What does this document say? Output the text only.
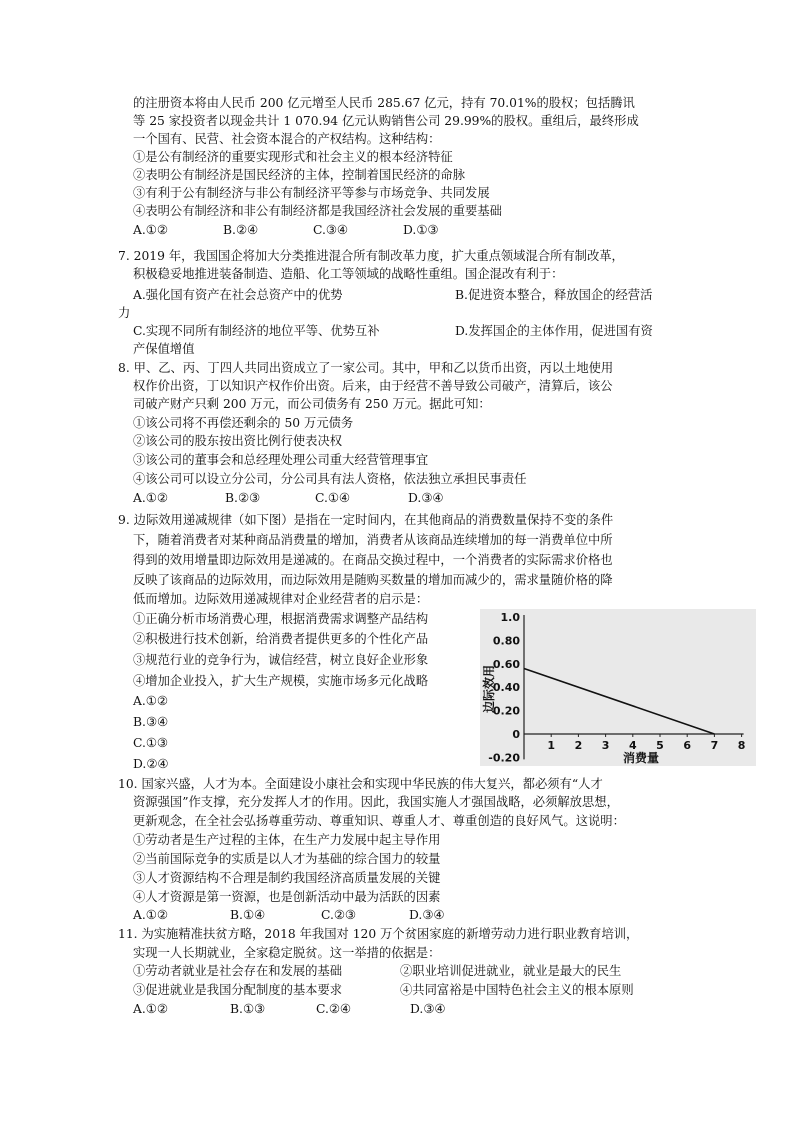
的注册资本将由人民币 200 亿元增至人民币 285.67 亿元，持有 70.01%的股权；包括腾讯
等 25 家投资者以现金共计 1 070.94 亿元认购销售公司 29.99%的股权。重组后，最终形成
一个国有、民营、社会资本混合的产权结构。这种结构：
①是公有制经济的重要实现形式和社会主义的根本经济特征
②表明公有制经济是国民经济的主体，控制着国民经济的命脉
③有利于公有制经济与非公有制经济平等参与市场竞争、共同发展
④表明公有制经济和非公有制经济都是我国经济社会发展的重要基础
A.①②	B.②④	C.③④	D.①③
7. 2019 年，我国国企将加大分类推进混合所有制改革力度，扩大重点领域混合所有制改革，
积极稳妥地推进装备制造、造船、化工等领域的战略性重组。国企混改有利于：
A.强化国有资产在社会总资产中的优势	B.促进资本整合，释放国企的经营活
力
C.实现不同所有制经济的地位平等、优势互补	D.发挥国企的主体作用，促进国有资
产保值增值
8. 甲、乙、丙、丁四人共同出资成立了一家公司。其中，甲和乙以货币出资，丙以土地使用
权作价出资，丁以知识产权作价出资。后来，由于经营不善导致公司破产，清算后，该公
司破产财产只剩 200 万元，而公司债务有 250 万元。据此可知：
①该公司将不再偿还剩余的 50 万元债务
②该公司的股东按出资比例行使表决权
③该公司的董事会和总经理处理公司重大经营管理事宜
④该公司可以设立分公司，分公司具有法人资格，依法独立承担民事责任
A.①②	B.②③	C.①④	D.③④
9. 边际效用递减规律（如下图）是指在一定时间内，在其他商品的消费数量保持不变的条件
下，随着消费者对某种商品消费量的增加，消费者从该商品连续增加的每一消费单位中所
得到的效用增量即边际效用是递减的。在商品交换过程中，一个消费者的实际需求价格也
反映了该商品的边际效用，而边际效用是随购买数量的增加而减少的，需求量随价格的降
低而增加。边际效用递减规律对企业经营者的启示是：
①正确分析市场消费心理，根据消费需求调整产品结构
②积极进行技术创新，给消费者提供更多的个性化产品
③规范行业的竞争行为，诚信经营，树立良好企业形象
④增加企业投入，扩大生产规模，实施市场多元化战略
A.①②
B.③④
C.①③
D.②④
1.0
0.80
0.60
0.40
0.20
0
-0.20
1 2 3 4 5 6 7 8
边际效用
消费量
10. 国家兴盛，人才为本。全面建设小康社会和实现中华民族的伟大复兴，都必须有“人才
资源强国”作支撑，充分发挥人才的作用。因此，我国实施人才强国战略，必须解放思想，
更新观念，在全社会弘扬尊重劳动、尊重知识、尊重人才、尊重创造的良好风气。这说明：
①劳动者是生产过程的主体，在生产力发展中起主导作用
②当前国际竞争的实质是以人才为基础的综合国力的较量
③人才资源结构不合理是制约我国经济高质量发展的关键
④人才资源是第一资源，也是创新活动中最为活跃的因素
A.①②	B.①④	C.②③	D.③④
11. 为实施精准扶贫方略，2018 年我国对 120 万个贫困家庭的新增劳动力进行职业教育培训，
实现一人长期就业，全家稳定脱贫。这一举措的依据是：
①劳动者就业是社会存在和发展的基础	②职业培训促进就业，就业是最大的民生
③促进就业是我国分配制度的基本要求	④共同富裕是中国特色社会主义的根本原则
A.①②	B.①③	C.②④	D.③④
